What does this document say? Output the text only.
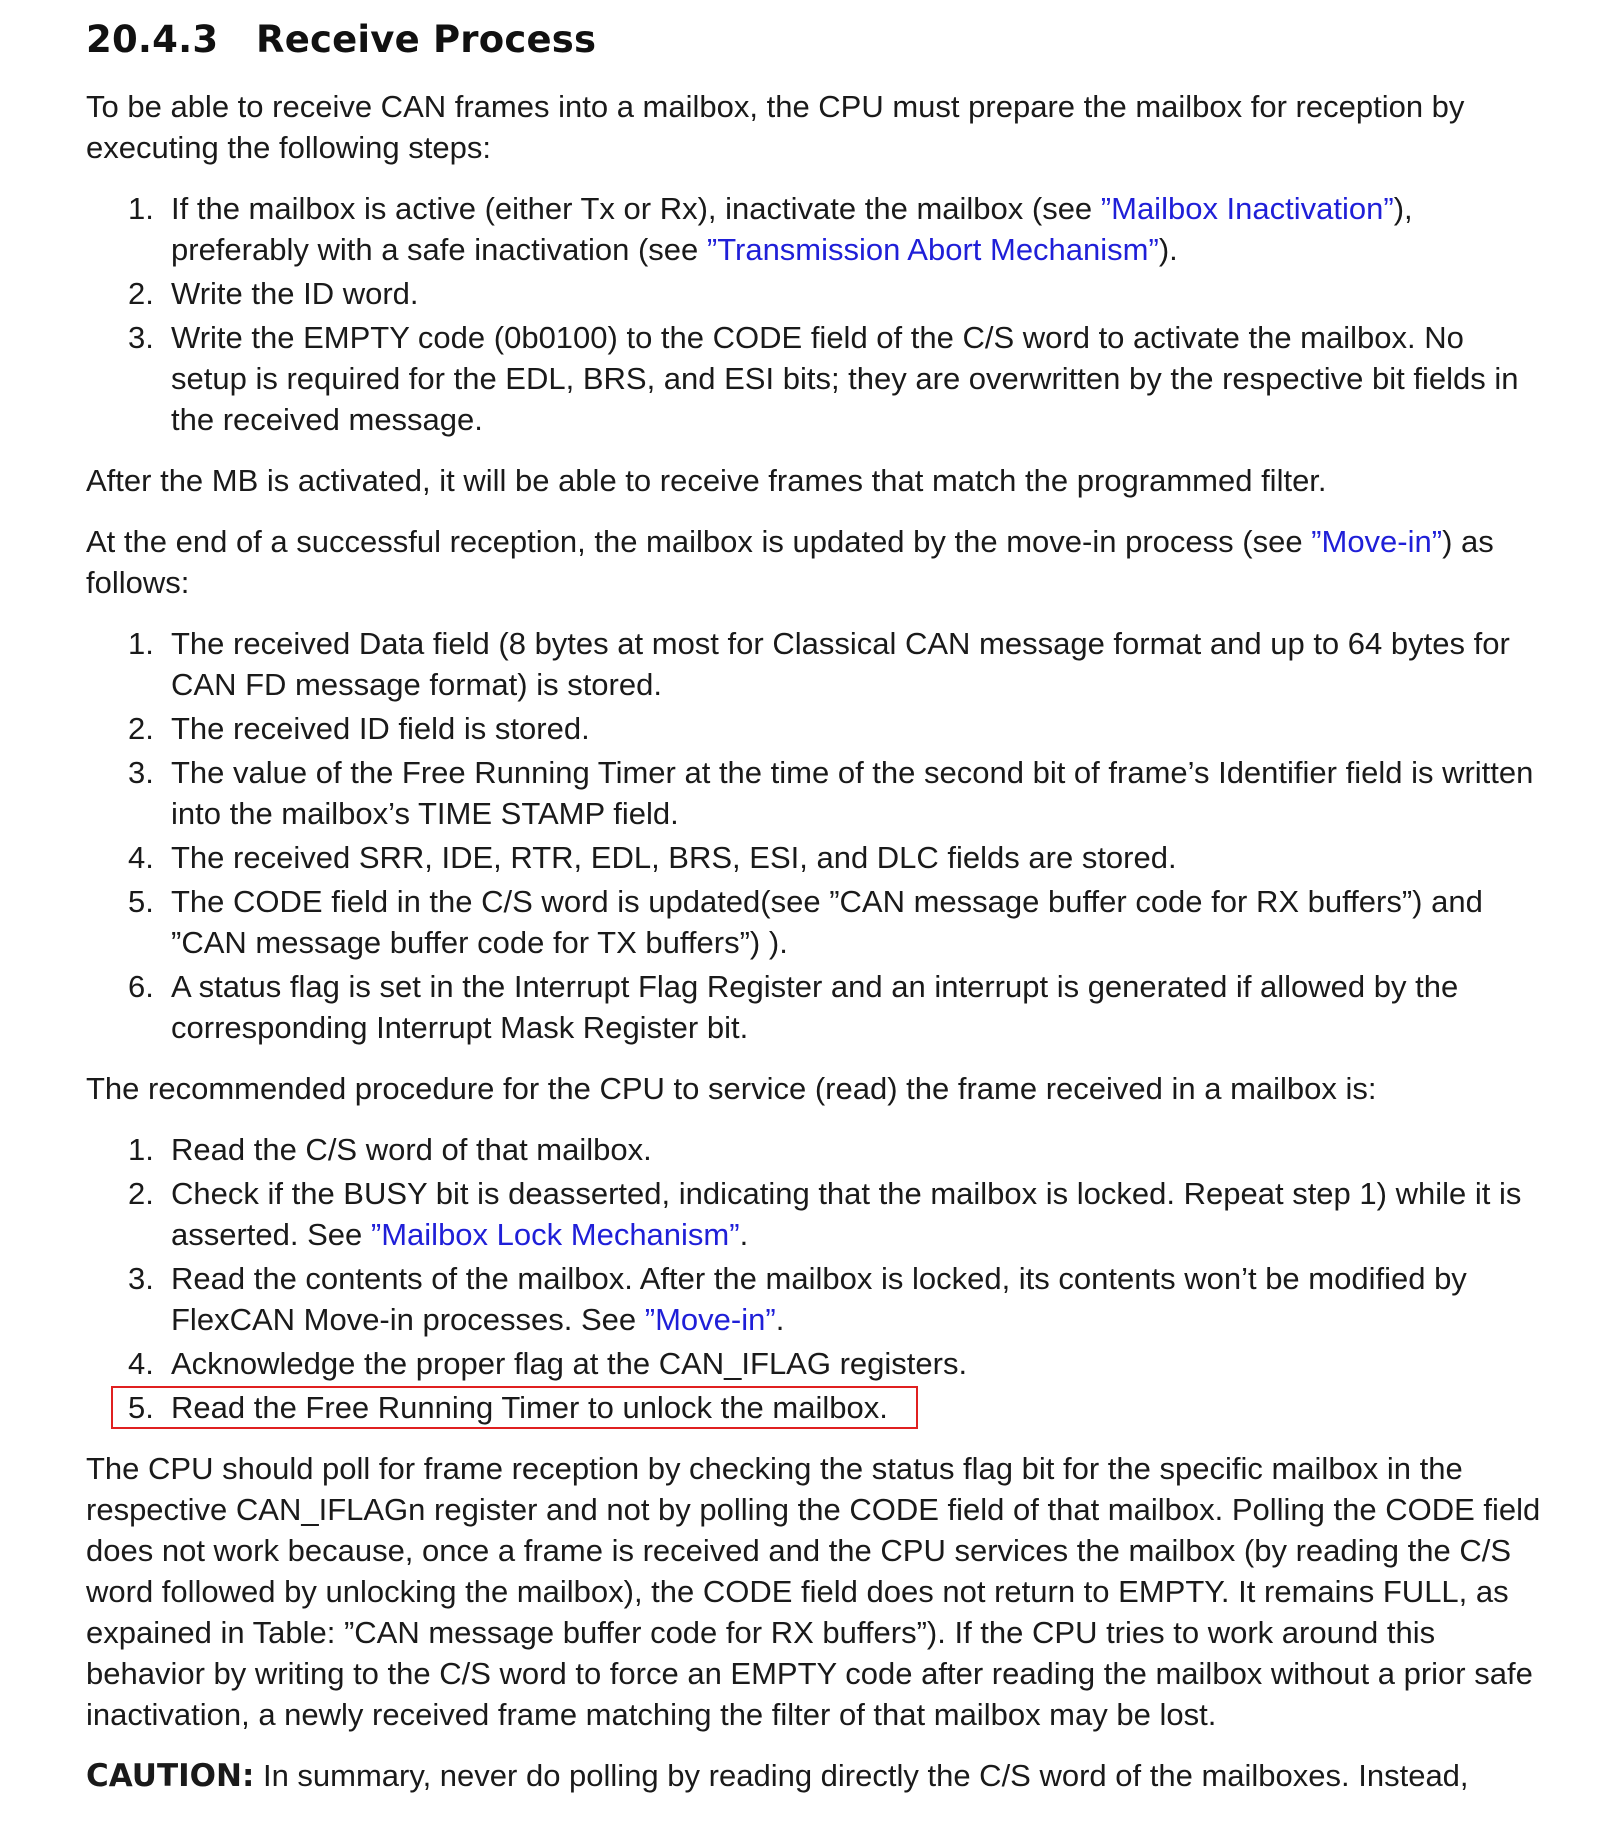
20.4.3 Receive Process

To be able to receive CAN frames into a mailbox, the CPU must prepare the mailbox for reception by executing the following steps:

1. If the mailbox is active (either Tx or Rx), inactivate the mailbox (see ”Mailbox Inactivation”), preferably with a safe inactivation (see ”Transmission Abort Mechanism”).
2. Write the ID word.
3. Write the EMPTY code (0b0100) to the CODE field of the C/S word to activate the mailbox. No setup is required for the EDL, BRS, and ESI bits; they are overwritten by the respective bit fields in the received message.

After the MB is activated, it will be able to receive frames that match the programmed filter.

At the end of a successful reception, the mailbox is updated by the move-in process (see ”Move-in”) as follows:

1. The received Data field (8 bytes at most for Classical CAN message format and up to 64 bytes for CAN FD message format) is stored.
2. The received ID field is stored.
3. The value of the Free Running Timer at the time of the second bit of frame’s Identifier field is written into the mailbox’s TIME STAMP field.
4. The received SRR, IDE, RTR, EDL, BRS, ESI, and DLC fields are stored.
5. The CODE field in the C/S word is updated(see ”CAN message buffer code for RX buffers”) and ”CAN message buffer code for TX buffers”) ).
6. A status flag is set in the Interrupt Flag Register and an interrupt is generated if allowed by the corresponding Interrupt Mask Register bit.

The recommended procedure for the CPU to service (read) the frame received in a mailbox is:

1. Read the C/S word of that mailbox.
2. Check if the BUSY bit is deasserted, indicating that the mailbox is locked. Repeat step 1) while it is asserted. See ”Mailbox Lock Mechanism”.
3. Read the contents of the mailbox. After the mailbox is locked, its contents won’t be modified by FlexCAN Move-in processes. See ”Move-in”.
4. Acknowledge the proper flag at the CAN_IFLAG registers.
5. Read the Free Running Timer to unlock the mailbox.

The CPU should poll for frame reception by checking the status flag bit for the specific mailbox in the respective CAN_IFLAGn register and not by polling the CODE field of that mailbox. Polling the CODE field does not work because, once a frame is received and the CPU services the mailbox (by reading the C/S word followed by unlocking the mailbox), the CODE field does not return to EMPTY. It remains FULL, as expained in Table: ”CAN message buffer code for RX buffers”). If the CPU tries to work around this behavior by writing to the C/S word to force an EMPTY code after reading the mailbox without a prior safe inactivation, a newly received frame matching the filter of that mailbox may be lost.

CAUTION: In summary, never do polling by reading directly the C/S word of the mailboxes. Instead,
